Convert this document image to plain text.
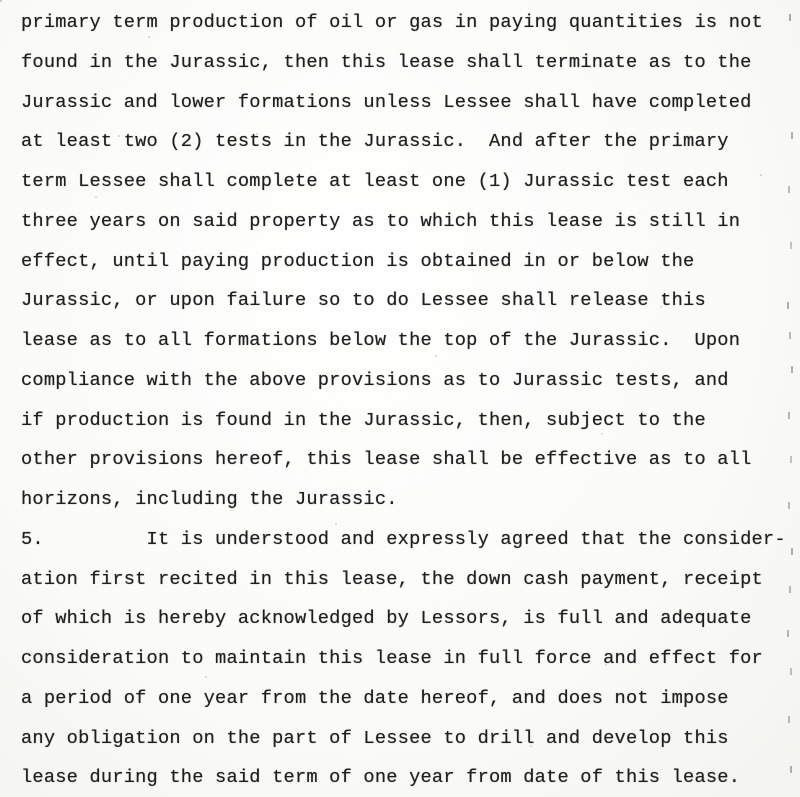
primary term production of oil or gas in paying quantities is not
found in the Jurassic, then this lease shall terminate as to the
Jurassic and lower formations unless Lessee shall have completed
at least two (2) tests in the Jurassic.  And after the primary
term Lessee shall complete at least one (1) Jurassic test each
three years on said property as to which this lease is still in
effect, until paying production is obtained in or below the
Jurassic, or upon failure so to do Lessee shall release this
lease as to all formations below the top of the Jurassic.  Upon
compliance with the above provisions as to Jurassic tests, and
if production is found in the Jurassic, then, subject to the
other provisions hereof, this lease shall be effective as to all
horizons, including the Jurassic.
5.         It is understood and expressly agreed that the consider-
ation first recited in this lease, the down cash payment, receipt
of which is hereby acknowledged by Lessors, is full and adequate
consideration to maintain this lease in full force and effect for
a period of one year from the date hereof, and does not impose
any obligation on the part of Lessee to drill and develop this
lease during the said term of one year from date of this lease.
